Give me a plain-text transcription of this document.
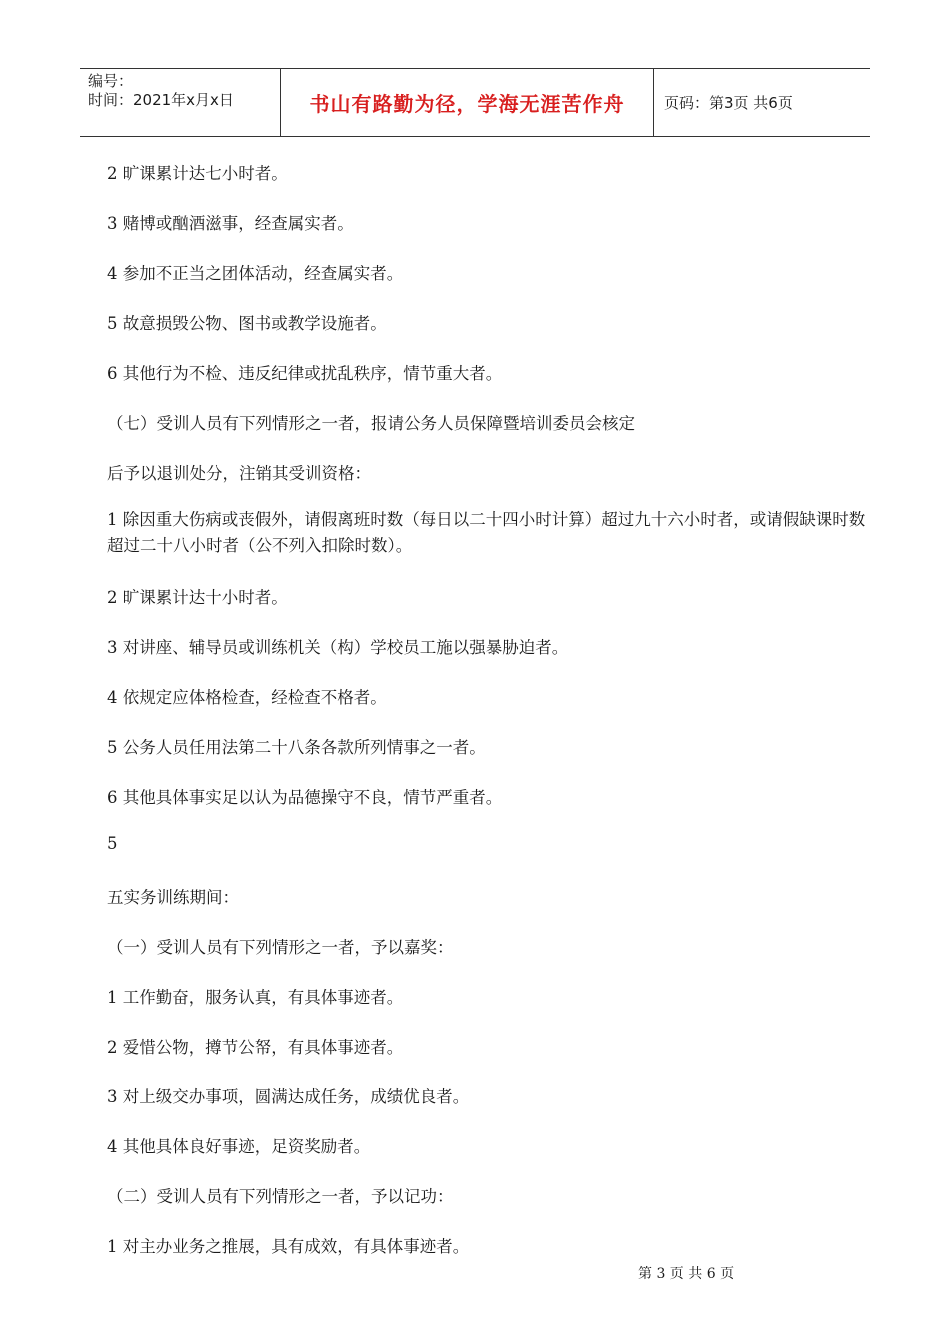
编号：
时间：2021年x月x日	书山有路勤为径，学海无涯苦作舟	页码：第3页 共6页
2 旷课累计达七小时者。
3 赌博或酗酒滋事，经查属实者。
4 参加不正当之团体活动，经查属实者。
5 故意损毁公物、图书或教学设施者。
6 其他行为不检、违反纪律或扰乱秩序，情节重大者。
（七）受训人员有下列情形之一者，报请公务人员保障暨培训委员会核定
后予以退训处分，注销其受训资格：
1 除因重大伤病或丧假外，请假离班时数（每日以二十四小时计算）超过九十六小时者，或请假缺课时数超过二十八小时者（公不列入扣除时数）。
2 旷课累计达十小时者。
3 对讲座、辅导员或训练机关（构）学校员工施以强暴胁迫者。
4 依规定应体格检查，经检查不格者。
5 公务人员任用法第二十八条各款所列情事之一者。
6 其他具体事实足以认为品德操守不良，情节严重者。
5
五实务训练期间：
（一）受训人员有下列情形之一者，予以嘉奖：
1 工作勤奋，服务认真，有具体事迹者。
2 爱惜公物，撙节公帑，有具体事迹者。
3 对上级交办事项，圆满达成任务，成绩优良者。
4 其他具体良好事迹，足资奖励者。
（二）受训人员有下列情形之一者，予以记功：
1 对主办业务之推展，具有成效，有具体事迹者。
第 3 页 共 6 页
